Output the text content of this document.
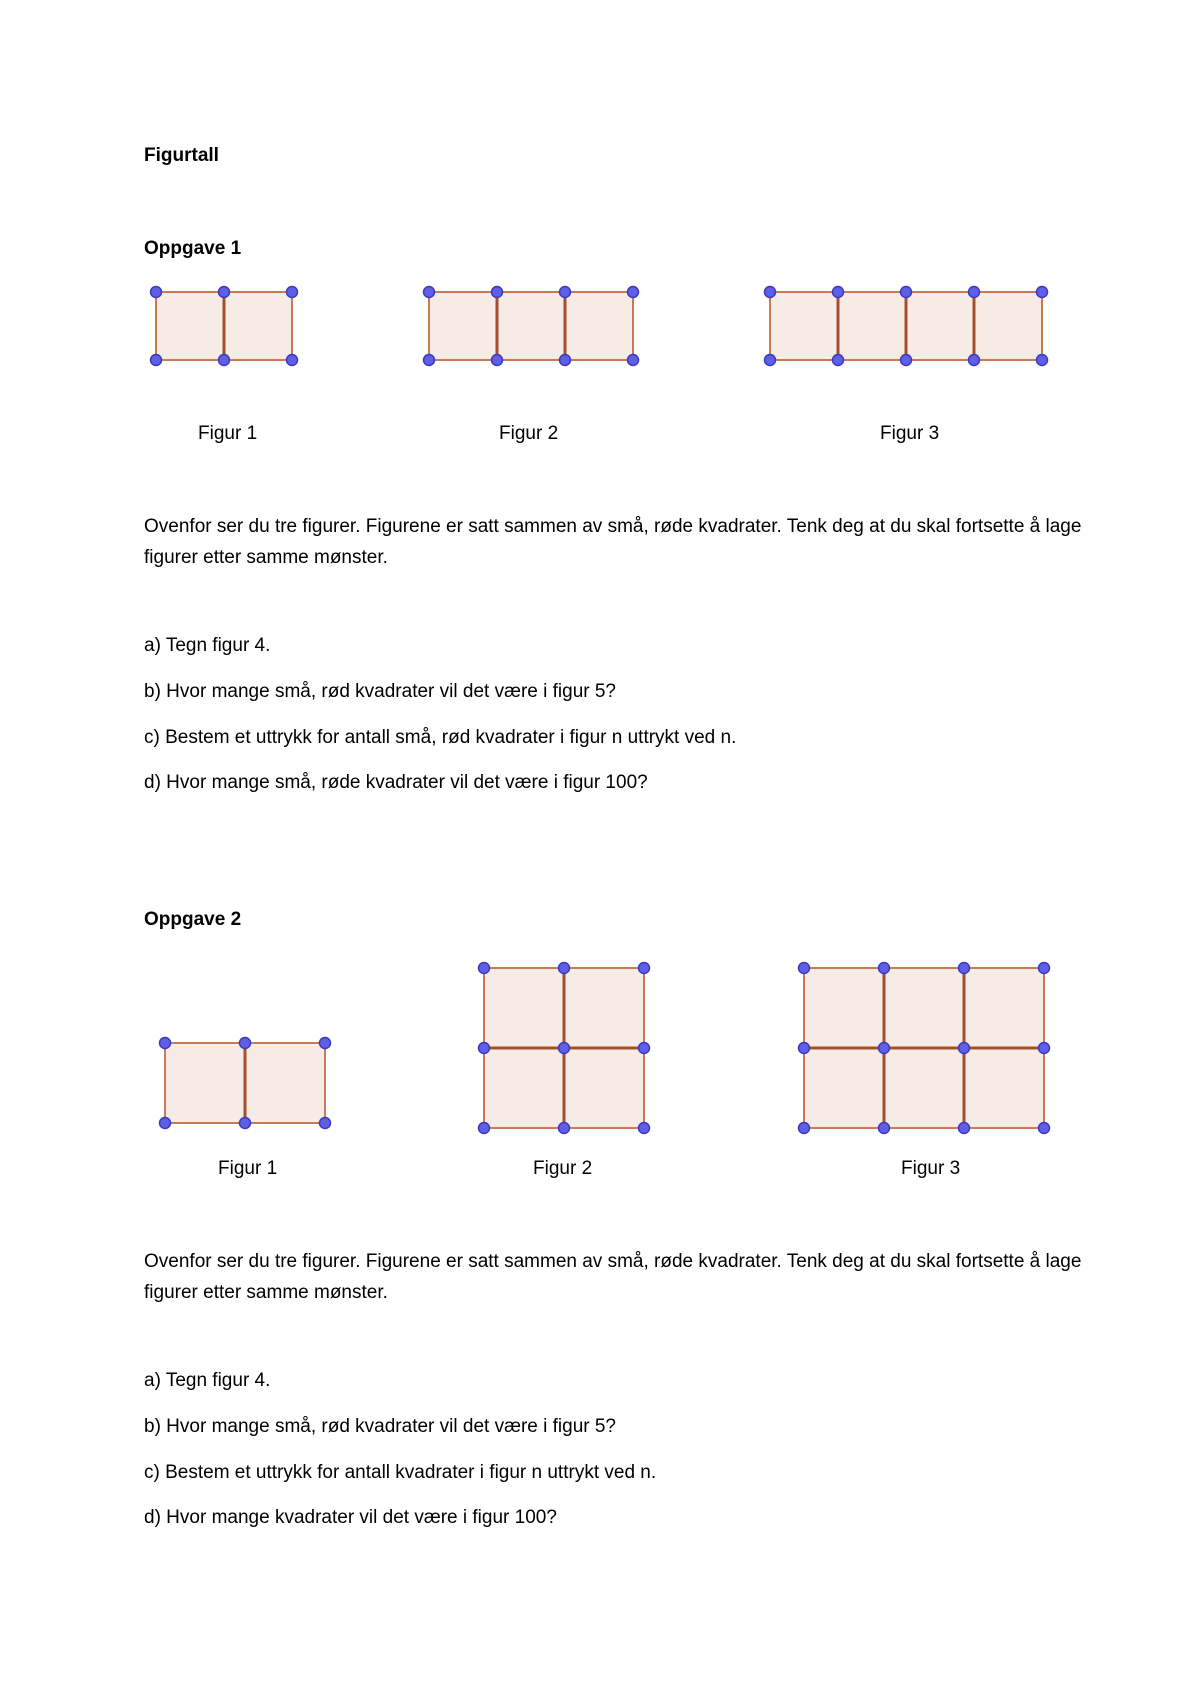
Figurtall
Oppgave 1
Figur 1	Figur 2	Figur 3
Ovenfor ser du tre figurer. Figurene er satt sammen av små, røde kvadrater. Tenk deg at du skal fortsette å lage figurer etter samme mønster.
a) Tegn figur 4.
b) Hvor mange små, rød kvadrater vil det være i figur 5?
c) Bestem et uttrykk for antall små, rød kvadrater i figur n uttrykt ved n.
d) Hvor mange små, røde kvadrater vil det være i figur 100?
Oppgave 2
Figur 1	Figur 2	Figur 3
Ovenfor ser du tre figurer. Figurene er satt sammen av små, røde kvadrater. Tenk deg at du skal fortsette å lage figurer etter samme mønster.
a) Tegn figur 4.
b) Hvor mange små, rød kvadrater vil det være i figur 5?
c) Bestem et uttrykk for antall kvadrater i figur n uttrykt ved n.
d) Hvor mange kvadrater vil det være i figur 100?
